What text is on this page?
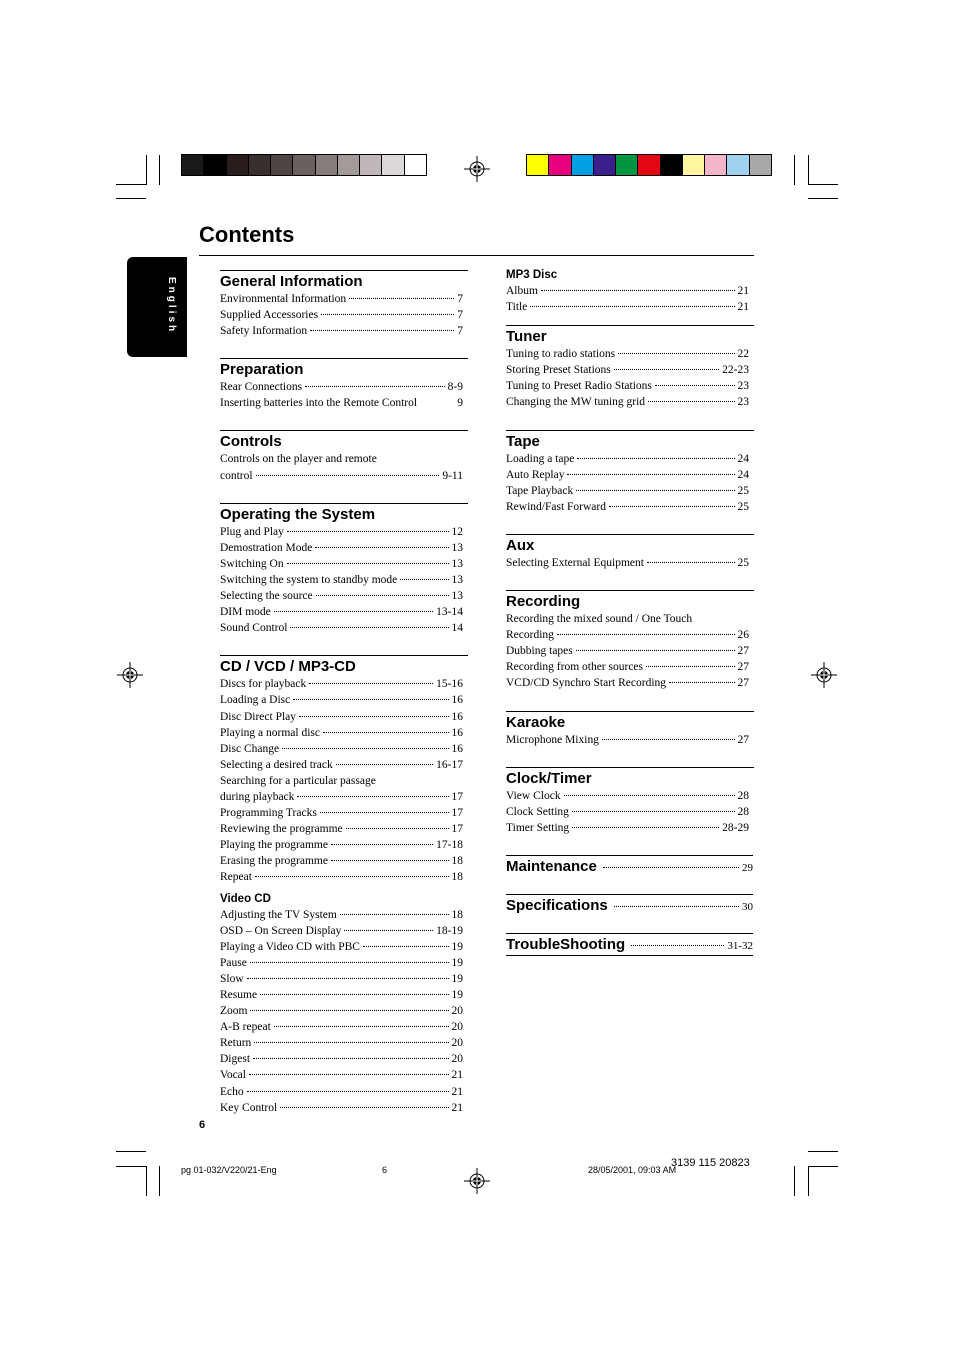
Contents
English	General Information
Environmental Information	7
Supplied Accessories	7
Safety Information	7
Preparation
Rear Connections	8-9
Inserting batteries into the Remote Control	9
Controls
Controls on the player and remote
control	9-11
Operating the System
Plug and Play	12
Demostration Mode	13
Switching On	13
Switching the system to standby mode	13
Selecting the source	13
DIM mode	13-14
Sound Control	14
CD / VCD / MP3-CD
Discs for playback	15-16
Loading a Disc	16
Disc Direct Play	16
Playing a normal disc	16
Disc Change	16
Selecting a desired track	16-17
Searching for a particular passage
during playback	17
Programming Tracks	17
Reviewing the programme	17
Playing the programme	17-18
Erasing the programme	18
Repeat	18
Video CD
Adjusting the TV System	18
OSD – On Screen Display	18-19
Playing a Video CD with PBC	19
Pause	19
Slow	19
Resume	19
Zoom	20
A-B repeat	20
Return	20
Digest	20
Vocal	21
Echo	21
Key Control	21
MP3 Disc
Album	21
Title	21
Tuner
Tuning to radio stations	22
Storing Preset Stations	22-23
Tuning to Preset Radio Stations	23
Changing the MW tuning grid	23
Tape
Loading a tape	24
Auto Replay	24
Tape Playback	25
Rewind/Fast Forward	25
Aux
Selecting External Equipment	25
Recording
Recording the mixed sound / One Touch
Recording	26
Dubbing tapes	27
Recording from other sources	27
VCD/CD Synchro Start Recording	27
Karaoke
Microphone Mixing	27
Clock/Timer
View Clock	28
Clock Setting	28
Timer Setting	28-29
Maintenance	29
Specifications	30
TroubleShooting	31-32
6
pg 01-032/V220/21-Eng	6	28/05/2001, 09:03 AM
3139 115 20823
